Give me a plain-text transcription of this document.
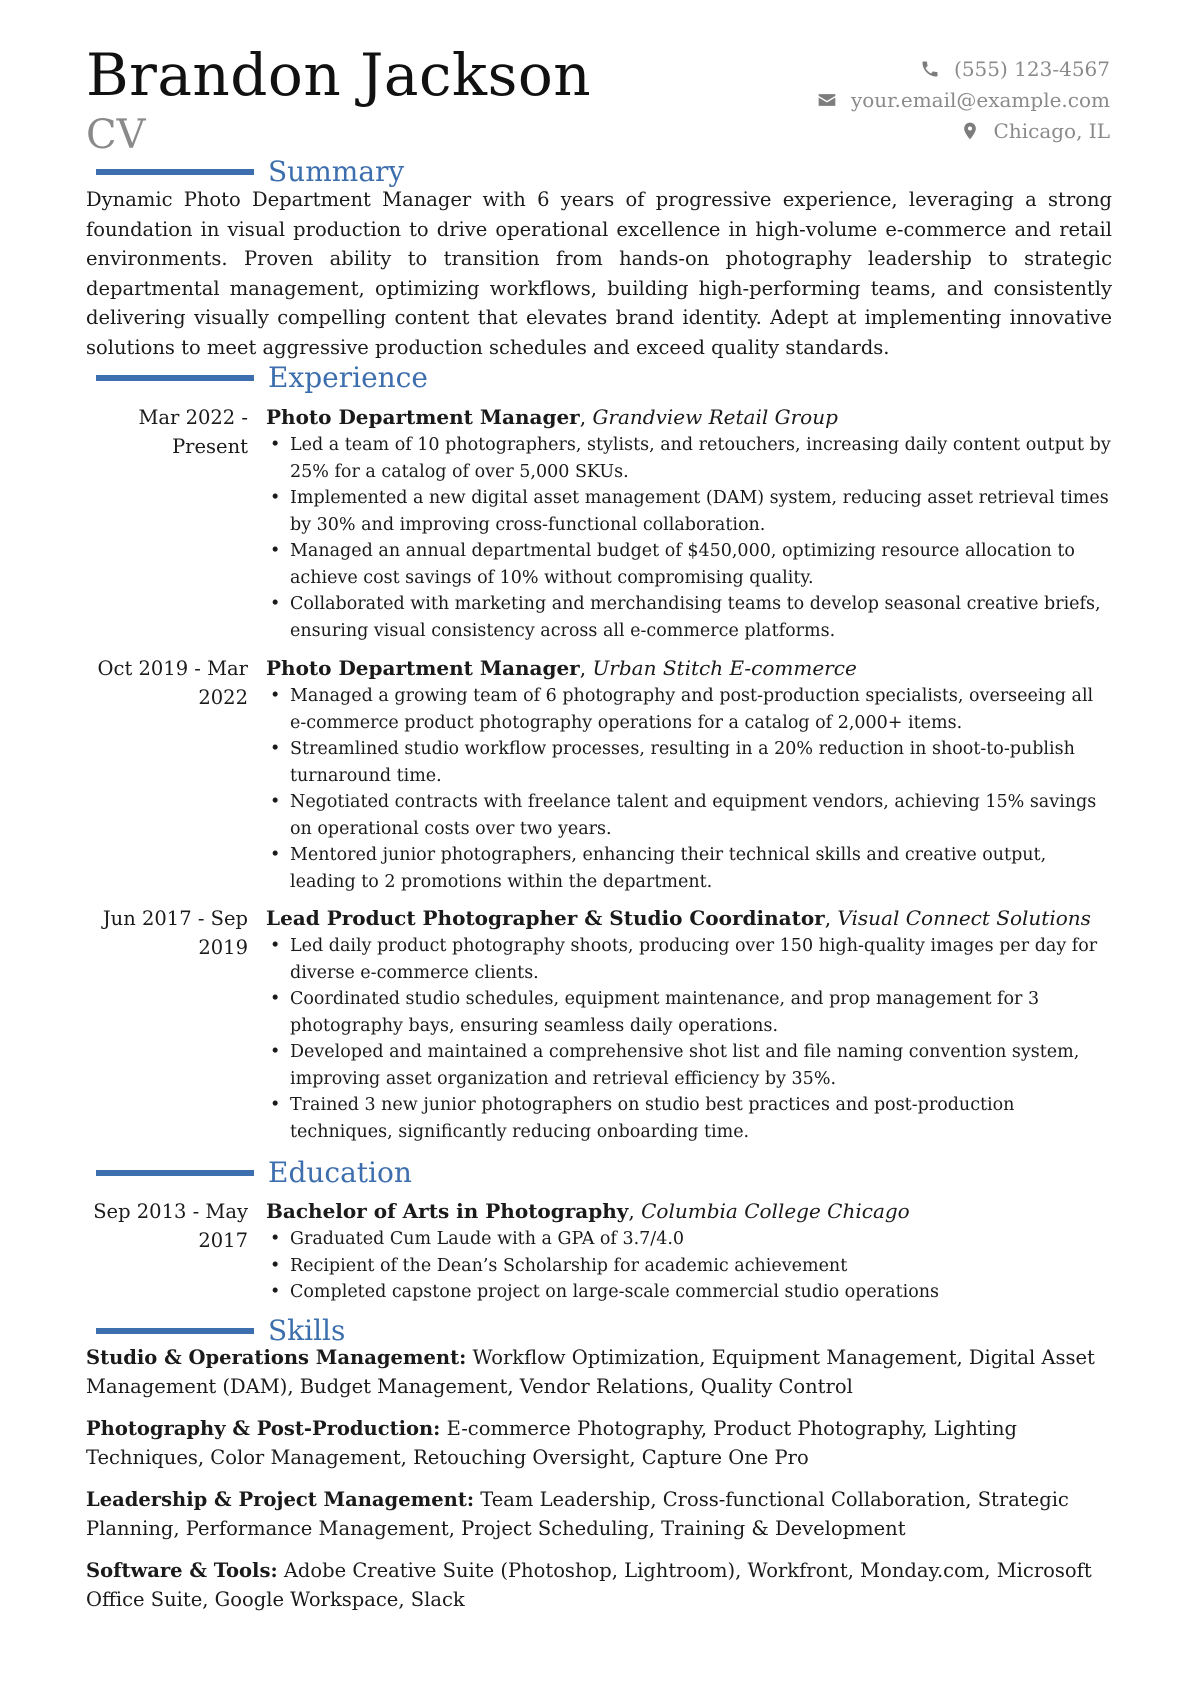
Brandon Jackson
CV
(555) 123-4567
your.email@example.com
Chicago, IL
Summary
Dynamic Photo Department Manager with 6 years of progressive experience, leveraging a strong foundation in visual production to drive operational excellence in high-volume e-commerce and retail environments. Proven ability to transition from hands-on photography leadership to strategic departmental management, optimizing workflows, building high-performing teams, and consistently delivering visually compelling content that elevates brand identity. Adept at implementing innovative solutions to meet aggressive production schedules and exceed quality standards.
Experience
Mar 2022 -
Present
Photo Department Manager, Grandview Retail Group
• Led a team of 10 photographers, stylists, and retouchers, increasing daily content output by 25% for a catalog of over 5,000 SKUs.
• Implemented a new digital asset management (DAM) system, reducing asset retrieval times by 30% and improving cross-functional collaboration.
• Managed an annual departmental budget of $450,000, optimizing resource allocation to achieve cost savings of 10% without compromising quality.
• Collaborated with marketing and merchandising teams to develop seasonal creative briefs, ensuring visual consistency across all e-commerce platforms.
Oct 2019 - Mar
2022
Photo Department Manager, Urban Stitch E-commerce
• Managed a growing team of 6 photography and post-production specialists, overseeing all e-commerce product photography operations for a catalog of 2,000+ items.
• Streamlined studio workflow processes, resulting in a 20% reduction in shoot-to-publish turnaround time.
• Negotiated contracts with freelance talent and equipment vendors, achieving 15% savings on operational costs over two years.
• Mentored junior photographers, enhancing their technical skills and creative output, leading to 2 promotions within the department.
Jun 2017 - Sep
2019
Lead Product Photographer & Studio Coordinator, Visual Connect Solutions
• Led daily product photography shoots, producing over 150 high-quality images per day for diverse e-commerce clients.
• Coordinated studio schedules, equipment maintenance, and prop management for 3 photography bays, ensuring seamless daily operations.
• Developed and maintained a comprehensive shot list and file naming convention system, improving asset organization and retrieval efficiency by 35%.
• Trained 3 new junior photographers on studio best practices and post-production techniques, significantly reducing onboarding time.
Education
Sep 2013 - May
2017
Bachelor of Arts in Photography, Columbia College Chicago
• Graduated Cum Laude with a GPA of 3.7/4.0
• Recipient of the Dean’s Scholarship for academic achievement
• Completed capstone project on large-scale commercial studio operations
Skills
Studio & Operations Management: Workflow Optimization, Equipment Management, Digital Asset Management (DAM), Budget Management, Vendor Relations, Quality Control
Photography & Post-Production: E-commerce Photography, Product Photography, Lighting Techniques, Color Management, Retouching Oversight, Capture One Pro
Leadership & Project Management: Team Leadership, Cross-functional Collaboration, Strategic Planning, Performance Management, Project Scheduling, Training & Development
Software & Tools: Adobe Creative Suite (Photoshop, Lightroom), Workfront, Monday.com, Microsoft Office Suite, Google Workspace, Slack
